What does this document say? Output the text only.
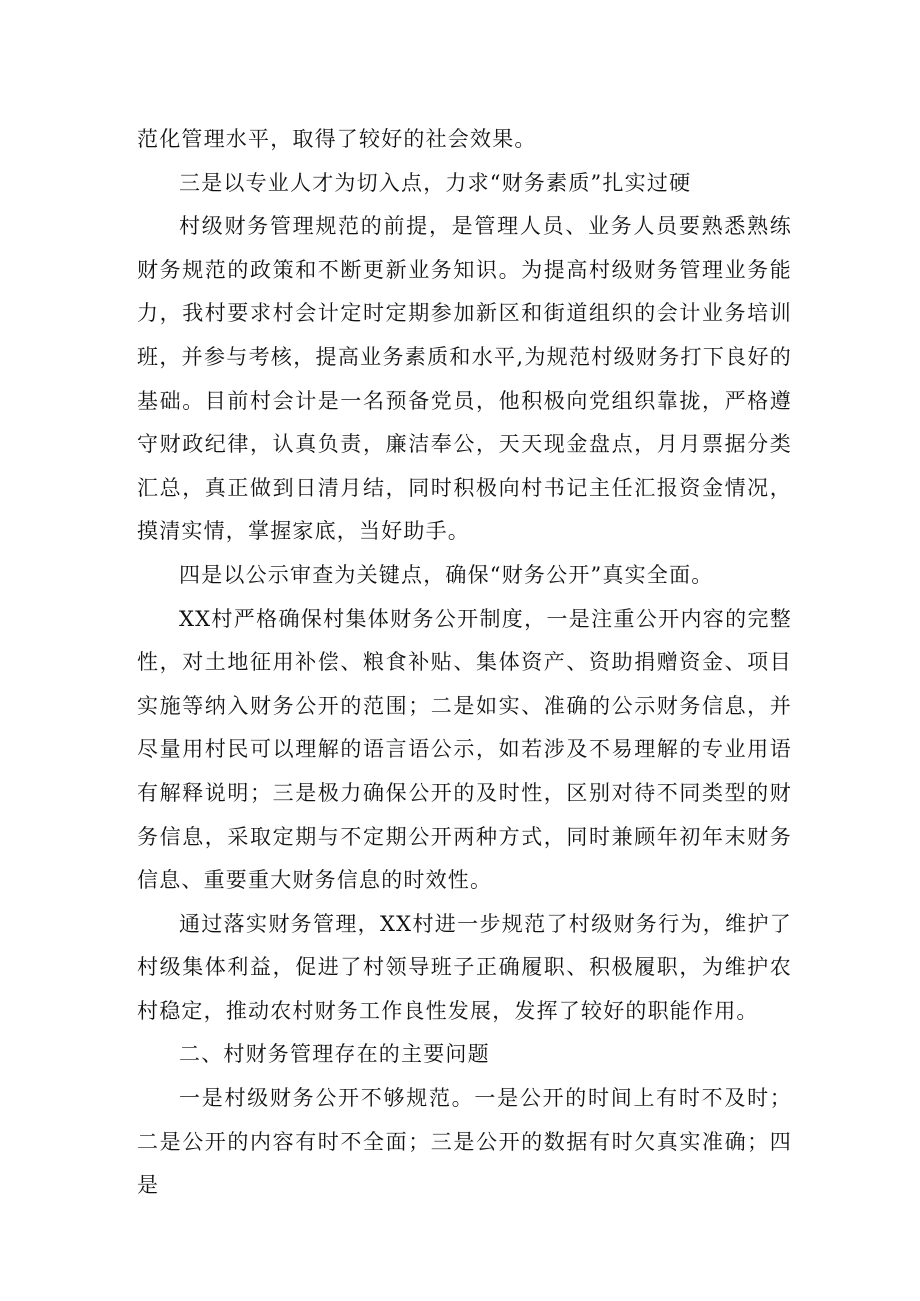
范化管理水平，取得了较好的社会效果。

三是以专业人才为切入点，力求“财务素质”扎实过硬

村级财务管理规范的前提，是管理人员、业务人员要熟悉熟练财务规范的政策和不断更新业务知识。为提高村级财务管理业务能力，我村要求村会计定时定期参加新区和街道组织的会计业务培训班，并参与考核，提高业务素质和水平,为规范村级财务打下良好的基础。目前村会计是一名预备党员，他积极向党组织靠拢，严格遵守财政纪律，认真负责，廉洁奉公，天天现金盘点，月月票据分类汇总，真正做到日清月结，同时积极向村书记主任汇报资金情况，摸清实情，掌握家底，当好助手。

四是以公示审查为关键点，确保“财务公开”真实全面。

XX村严格确保村集体财务公开制度，一是注重公开内容的完整性，对土地征用补偿、粮食补贴、集体资产、资助捐赠资金、项目实施等纳入财务公开的范围；二是如实、准确的公示财务信息，并尽量用村民可以理解的语言语公示，如若涉及不易理解的专业用语有解释说明；三是极力确保公开的及时性，区别对待不同类型的财务信息，采取定期与不定期公开两种方式，同时兼顾年初年末财务信息、重要重大财务信息的时效性。

通过落实财务管理，XX村进一步规范了村级财务行为，维护了村级集体利益，促进了村领导班子正确履职、积极履职，为维护农村稳定，推动农村财务工作良性发展，发挥了较好的职能作用。

二、村财务管理存在的主要问题

一是村级财务公开不够规范。一是公开的时间上有时不及时；二是公开的内容有时不全面；三是公开的数据有时欠真实准确；四是
